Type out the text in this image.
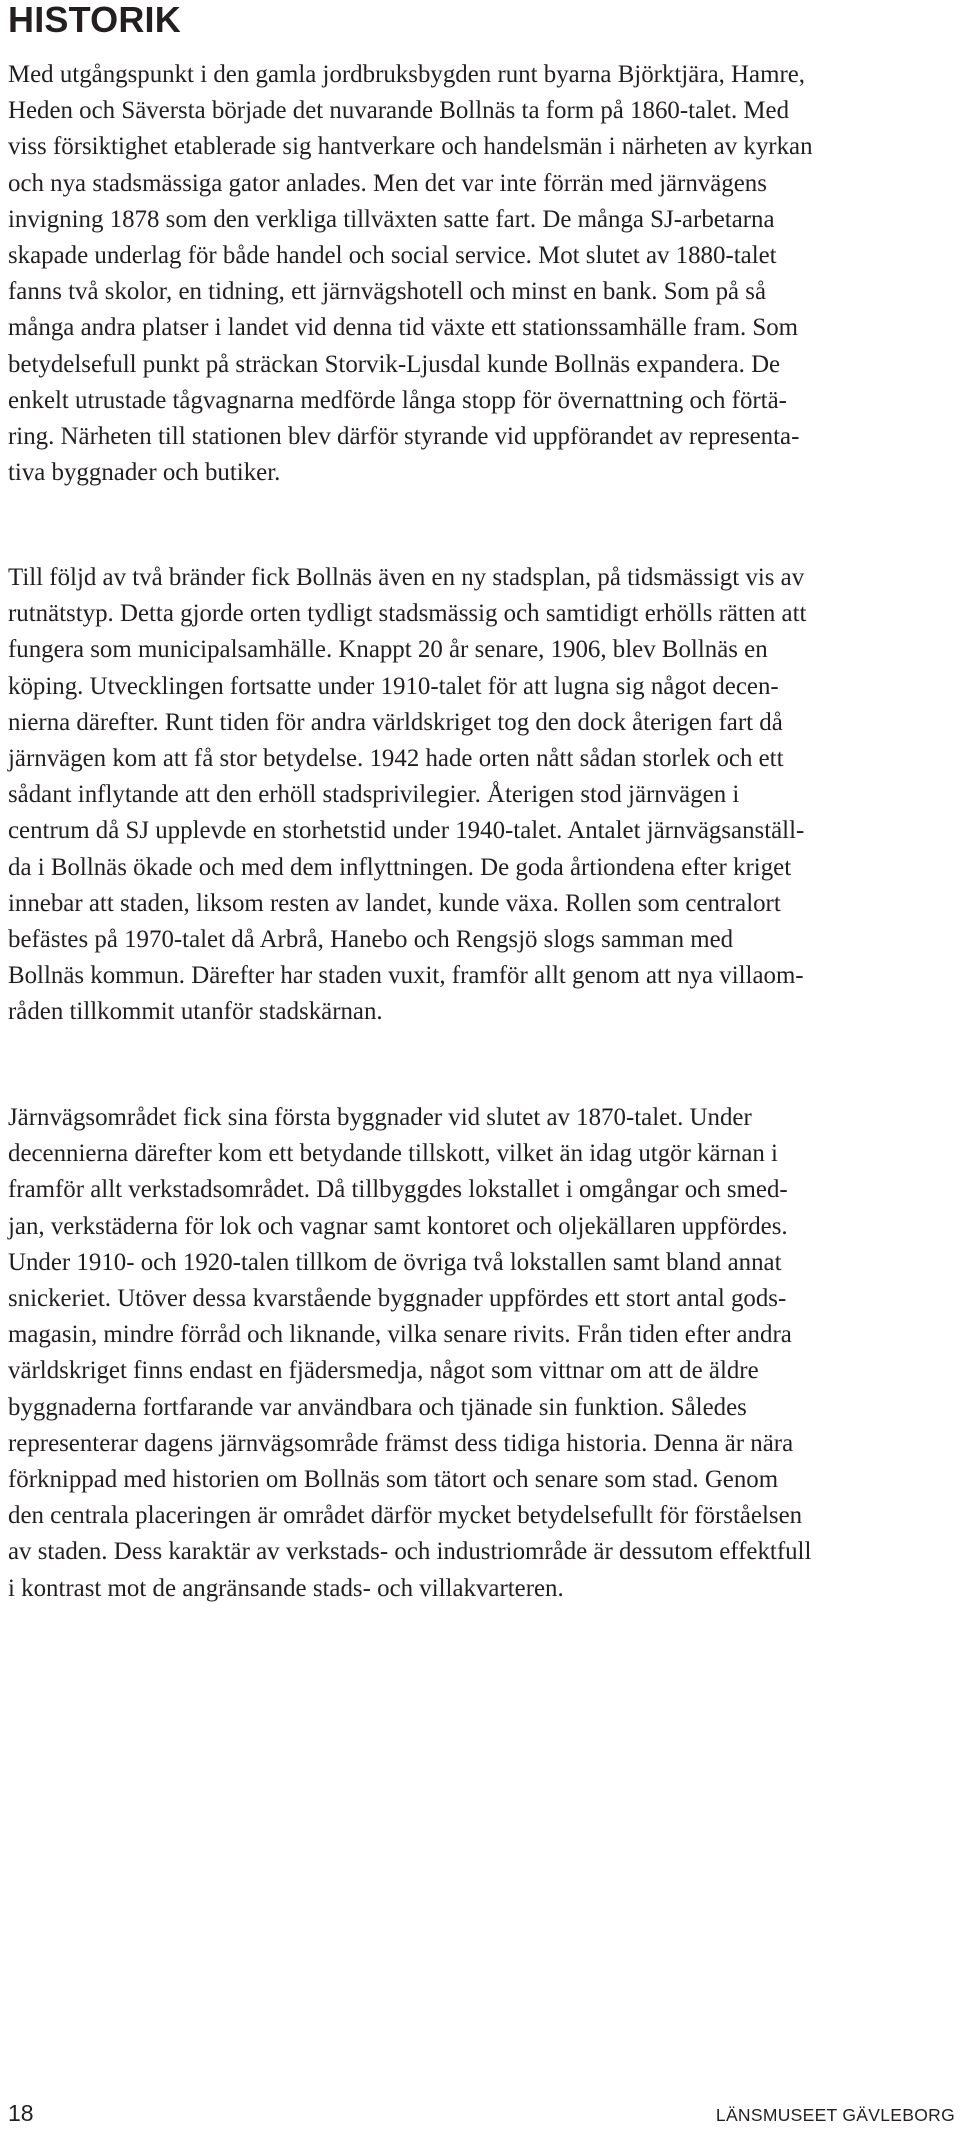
HISTORIK

Med utgångspunkt i den gamla jordbruksbygden runt byarna Björktjära, Hamre,
Heden och Säversta började det nuvarande Bollnäs ta form på 1860-talet. Med
viss försiktighet etablerade sig hantverkare och handelsmän i närheten av kyrkan
och nya stadsmässiga gator anlades. Men det var inte förrän med järnvägens
invigning 1878 som den verkliga tillväxten satte fart. De många SJ-arbetarna
skapade underlag för både handel och social service. Mot slutet av 1880-talet
fanns två skolor, en tidning, ett järnvägshotell och minst en bank. Som på så
många andra platser i landet vid denna tid växte ett stationssamhälle fram. Som
betydelsefull punkt på sträckan Storvik-Ljusdal kunde Bollnäs expandera. De
enkelt utrustade tågvagnarna medförde långa stopp för övernattning och förtä-
ring. Närheten till stationen blev därför styrande vid uppförandet av representa-
tiva byggnader och butiker.

Till följd av två bränder fick Bollnäs även en ny stadsplan, på tidsmässigt vis av
rutnätstyp. Detta gjorde orten tydligt stadsmässig och samtidigt erhölls rätten att
fungera som municipalsamhälle. Knappt 20 år senare, 1906, blev Bollnäs en
köping. Utvecklingen fortsatte under 1910-talet för att lugna sig något decen-
nierna därefter. Runt tiden för andra världskriget tog den dock återigen fart då
järnvägen kom att få stor betydelse. 1942 hade orten nått sådan storlek och ett
sådant inflytande att den erhöll stadsprivilegier. Återigen stod järnvägen i
centrum då SJ upplevde en storhetstid under 1940-talet. Antalet järnvägsanställ-
da i Bollnäs ökade och med dem inflyttningen. De goda årtiondena efter kriget
innebar att staden, liksom resten av landet, kunde växa. Rollen som centralort
befästes på 1970-talet då Arbrå, Hanebo och Rengsjö slogs samman med
Bollnäs kommun. Därefter har staden vuxit, framför allt genom att nya villaom-
råden tillkommit utanför stadskärnan.

Järnvägsområdet fick sina första byggnader vid slutet av 1870-talet. Under
decennierna därefter kom ett betydande tillskott, vilket än idag utgör kärnan i
framför allt verkstadsområdet. Då tillbyggdes lokstallet i omgångar och smed-
jan, verkstäderna för lok och vagnar samt kontoret och oljekällaren uppfördes.
Under 1910- och 1920-talen tillkom de övriga två lokstallen samt bland annat
snickeriet. Utöver dessa kvarstående byggnader uppfördes ett stort antal gods-
magasin, mindre förråd och liknande, vilka senare rivits. Från tiden efter andra
världskriget finns endast en fjädersmedja, något som vittnar om att de äldre
byggnaderna fortfarande var användbara och tjänade sin funktion. Således
representerar dagens järnvägsområde främst dess tidiga historia. Denna är nära
förknippad med historien om Bollnäs som tätort och senare som stad. Genom
den centrala placeringen är området därför mycket betydelsefullt för förståelsen
av staden. Dess karaktär av verkstads- och industriområde är dessutom effektfull
i kontrast mot de angränsande stads- och villakvarteren.

18	LÄNSMUSEET GÄVLEBORG
